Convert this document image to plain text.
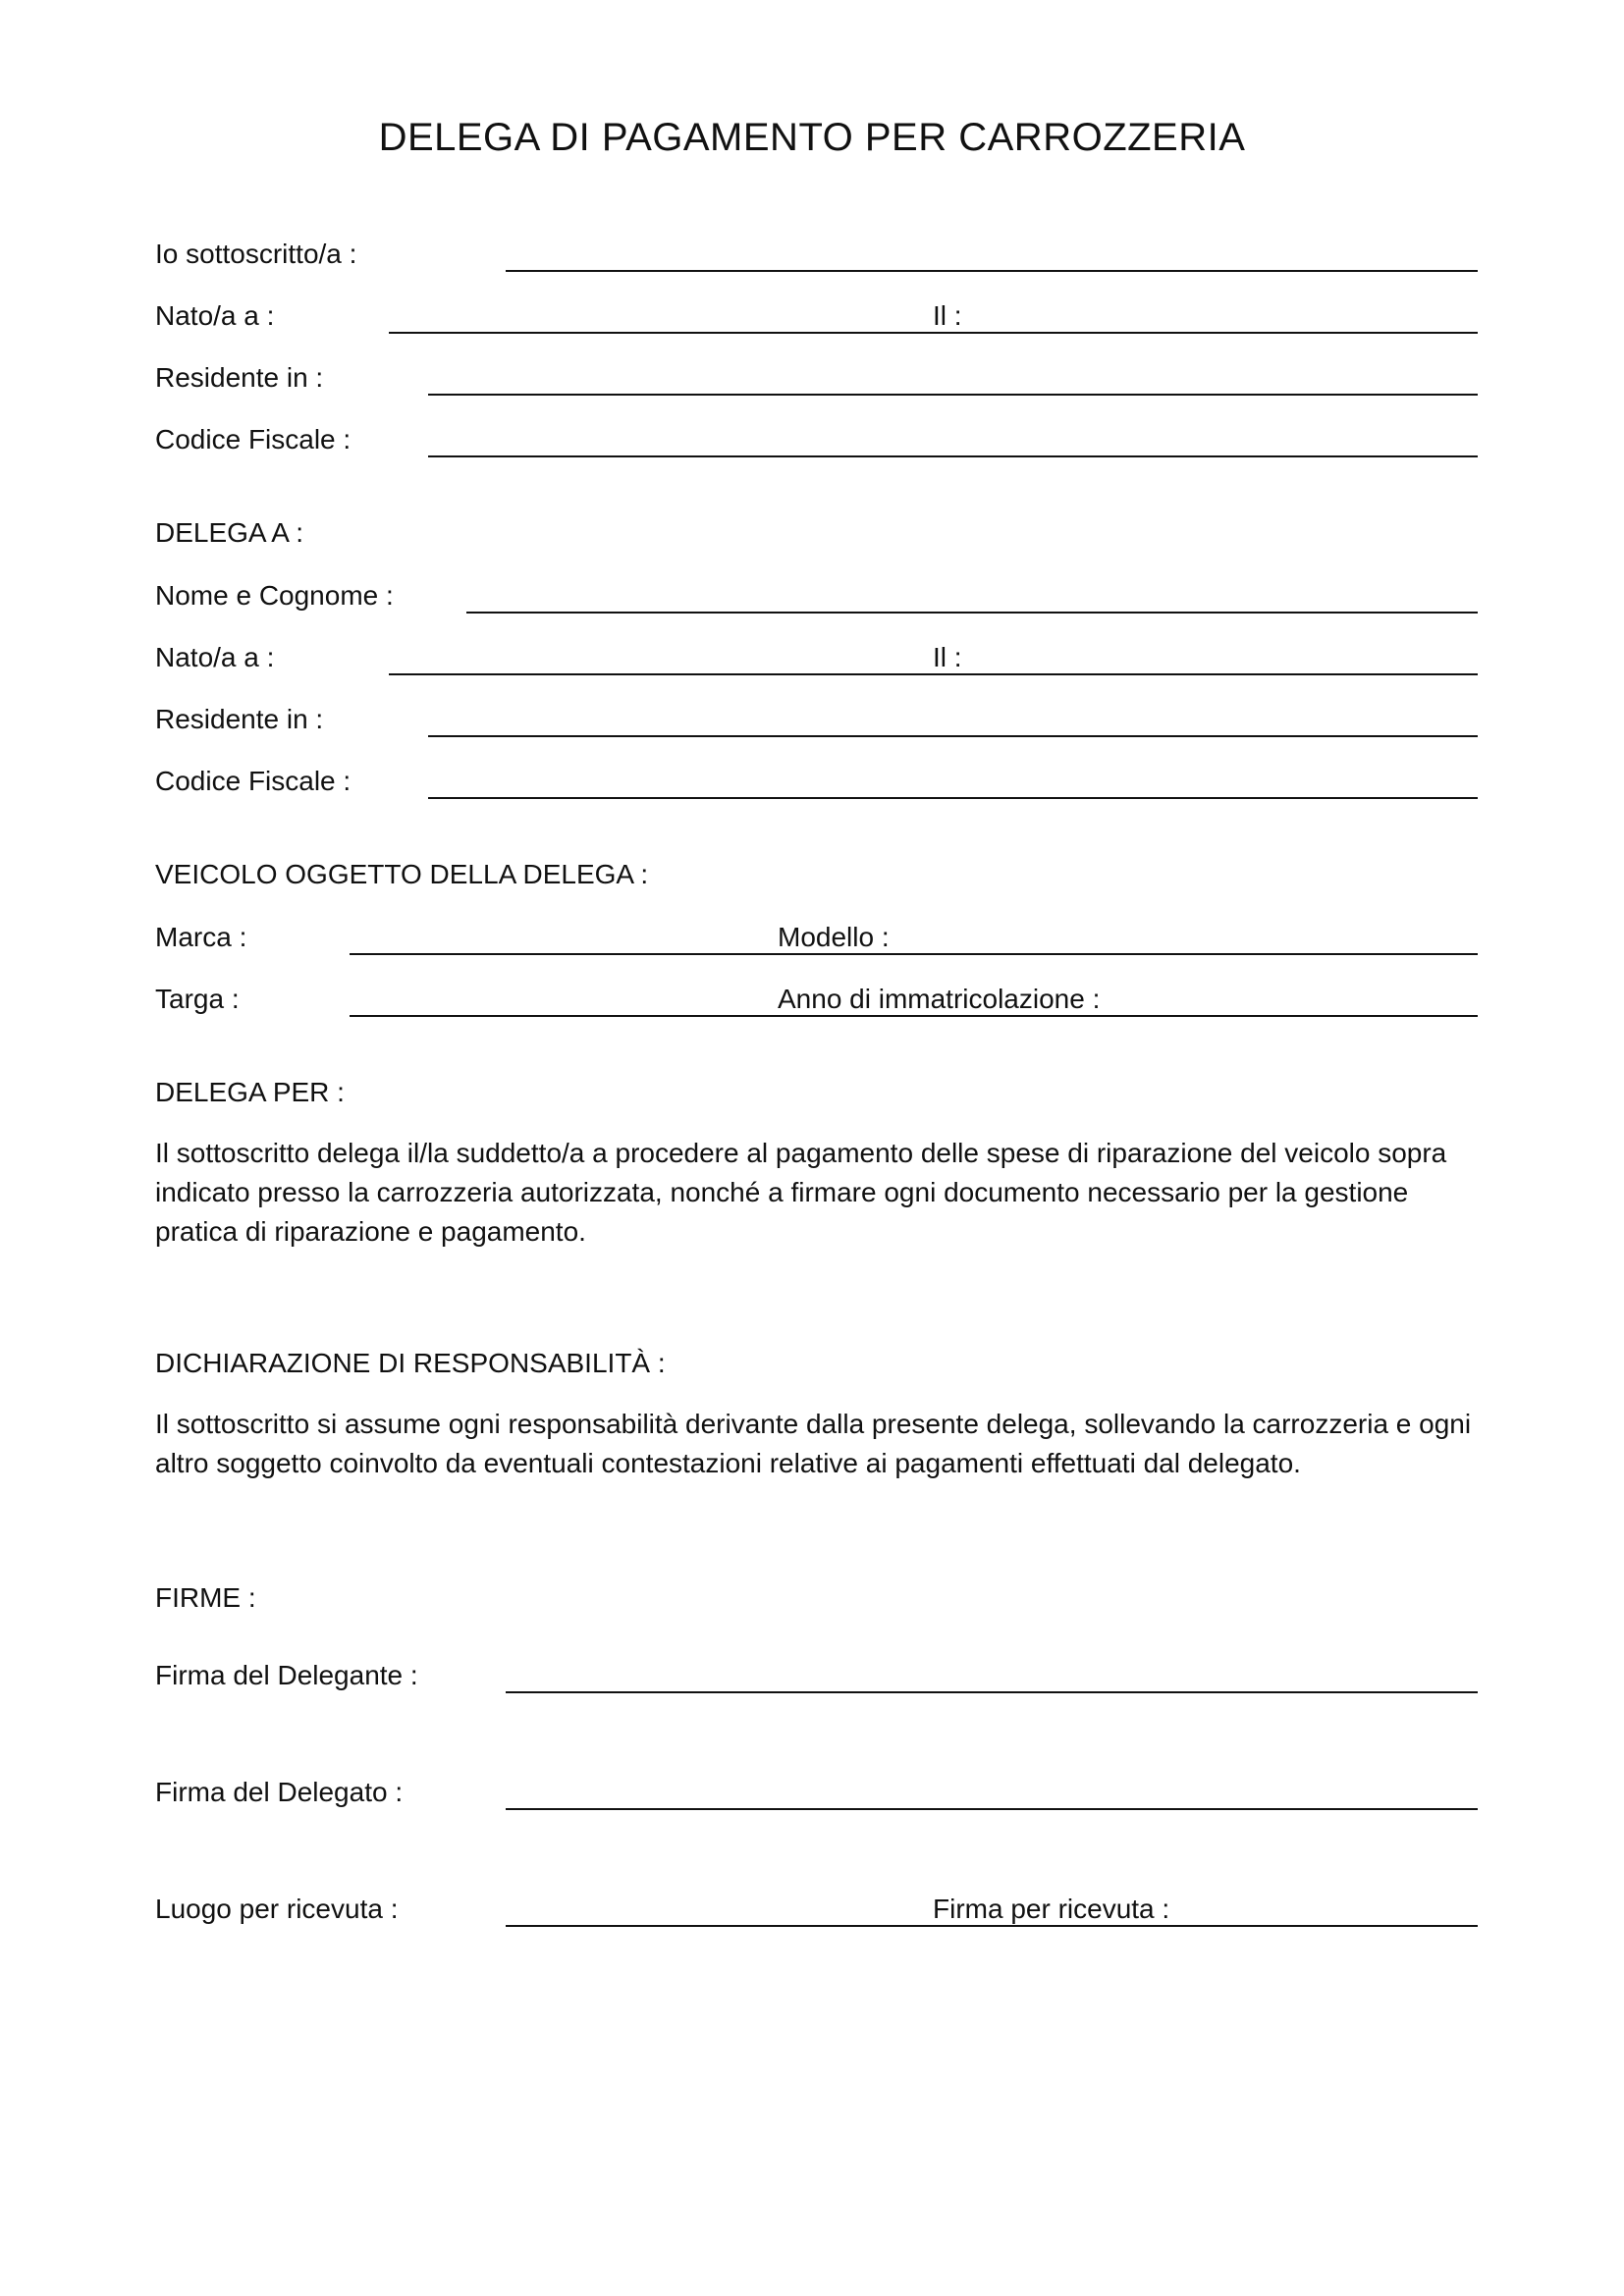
DELEGA DI PAGAMENTO PER CARROZZERIA
Io sottoscritto/a :
Nato/a a :	Il :
Residente in :
Codice Fiscale :
DELEGA A :
Nome e Cognome :
Nato/a a :	Il :
Residente in :
Codice Fiscale :
VEICOLO OGGETTO DELLA DELEGA :
Marca :	Modello :
Targa :	Anno di immatricolazione :
DELEGA PER :
Il sottoscritto delega il/la suddetto/a a procedere al pagamento delle spese di riparazione del veicolo sopra indicato presso la carrozzeria autorizzata, nonché a firmare ogni documento necessario per la gestione pratica di riparazione e pagamento.
DICHIARAZIONE DI RESPONSABILITÀ :
Il sottoscritto si assume ogni responsabilità derivante dalla presente delega, sollevando la carrozzeria e ogni altro soggetto coinvolto da eventuali contestazioni relative ai pagamenti effettuati dal delegato.
FIRME :
Firma del Delegante :
Firma del Delegato :
Luogo per ricevuta :	Firma per ricevuta :
